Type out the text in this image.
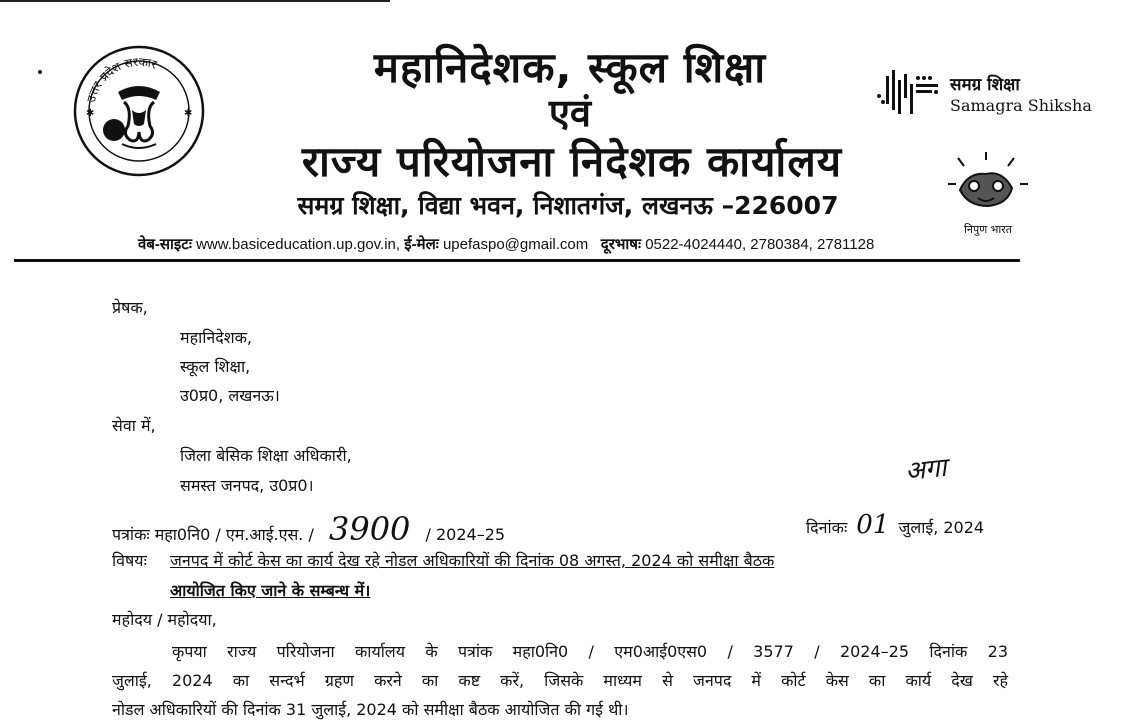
उत्तर प्रदेश सरकार
✱	✱
महानिदेशक, स्कूल शिक्षा
एवं
राज्य परियोजना निदेशक कार्यालय
समग्र शिक्षा, विद्या भवन, निशातगंज, लखनऊ –226007
वेब-साइटः www.basiceducation.up.gov.in, ई-मेलः upefaspo@gmail.com दूरभाषः 0522-4024440, 2780384, 2781128
समग्र शिक्षा
Samagra Shiksha
निपुण भारत
प्रेषक,
महानिदेशक,
स्कूल शिक्षा,
उ0प्र0, लखनऊ।
सेवा में,
जिला बेसिक शिक्षा अधिकारी,
समस्त जनपद, उ0प्र0।	अगा
पत्रांकः महा0नि0 / एम.आई.एस. / 3900 / 2024–25	दिनांकः 01 जुलाई, 2024
विषयः जनपद में कोर्ट केस का कार्य देख रहे नोडल अधिकारियों की दिनांक 08 अगस्त, 2024 को समीक्षा बैठक
आयोजित किए जाने के सम्बन्ध में।
महोदय / महोदया,
कृपया राज्य परियोजना कार्यालय के पत्रांक महा0नि0 / एम0आई0एस0 / 3577 / 2024–25 दिनांक 23
जुलाई, 2024 का सन्दर्भ ग्रहण करने का कष्ट करें, जिसके माध्यम से जनपद में कोर्ट केस का कार्य देख रहे
नोडल अधिकारियों की दिनांक 31 जुलाई, 2024 को समीक्षा बैठक आयोजित की गई थी।
